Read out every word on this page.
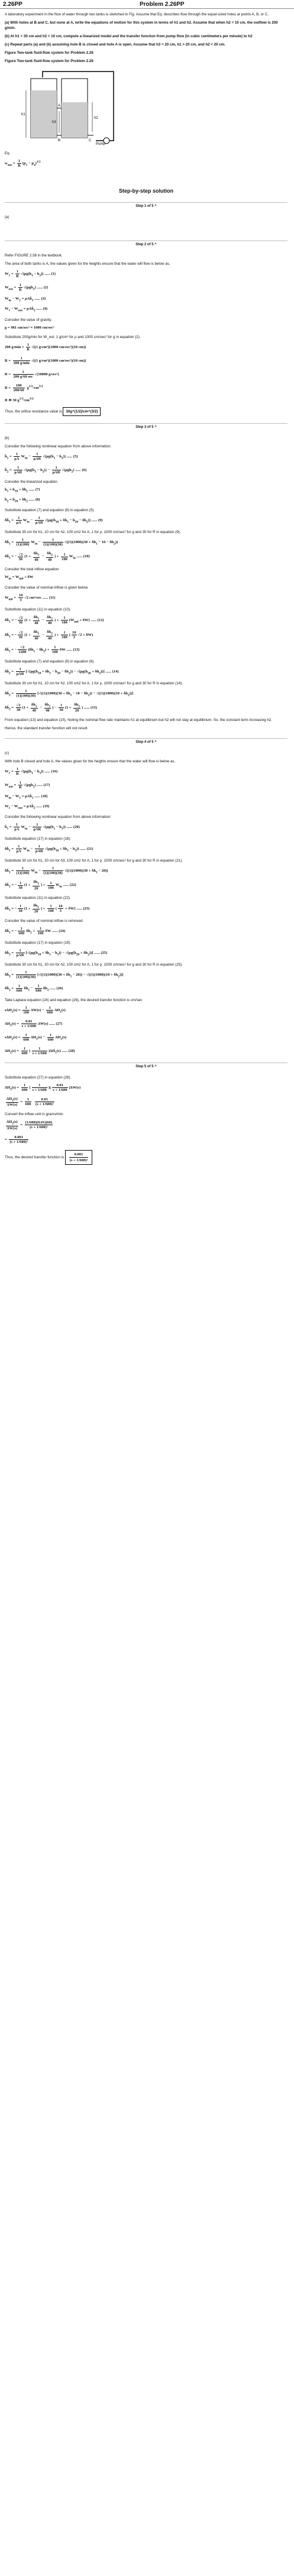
2.26PP	Problem 2.26PP

A laboratory experiment in the flow of water through two tanks is sketched in Fig. Assume that Eq. describes flow through the equal-sized holes at points A, B, or C.

(a) With holes at B and C, but none at A, write the equations of motion for this system in terms of h1 and h2. Assume that when h2 = 10 cm, the outflow is 200 g/min.

(b) At h1 = 30 cm and h2 = 10 cm, compute a linearized model and the transfer function from pump flow (in cubic centimeters per minute) to h2

(c) Repeat parts (a) and (b) assuming hole B is closed and hole A is open. Assume that h3 = 20 cm, h1 > 20 cm, and h2 < 20 cm.

Figure Two-tank fluid-flow system for Problem 2.26

Figure Two-tank fluid-flow system for Problem 2.26

Pump
h1
h2
h3
A
B	C

Eq.

$w_{out} = \frac{1}{R} (p_1 - p_a)^{1/2}$
Step-by-step solution
Step 1 of 5 ^

(a)

Step 2 of 5 ^

Refer FIGURE 2.58 in the textbook.

The area of both tanks is A, the values given for the heights ensure that the water will flow is below as,

$W_1 = \frac{1}{R} √(\rho g(h_1 - h_2))$ ...... (1)
$W_{out} = \frac{1}{R} √(\rho gh_2)$ ...... (2)
$W_{in} - W_1$ = ρAḣ$_1$ ...... (3)
$W_1 - W_{out}$ = ρAḣ$_2$ ...... (4)

Consider the value of gravity.

g = 981 cm/sec² ≈ 1000 cm/sec²

Substitute 200g/min for W_out, 1 g/cm³ for ρ and 1000 cm/sec² for g in equation (2).

200 $g/\min = \frac{1}{R} √((1$ g/cm³)(1000 cm/sec²)(10 cm))
$R = \frac{1}{200 g/\min} √((1$ g/cm³)(1000 cm/sec²)(10 cm))
$R = \frac{1}{200 g/60 \sec} √(10000$ g/sec²)
$R = \frac{100}{200/60} g^{1/2}/cm^{3/2}$
R ≅ 30 $g^{1/2}/cm^{3/2}$

Thus, the orifice resistance value is 30g^(1/2)/cm^(3/2)

Step 3 of 5 ^

(b)

Consider the following nonlinear equation from above information:

ḣ$_1$ = $\frac{1}{\rho A} W_{in} - \frac{1}{\text{ρAR}} √(\rho g(h_1 - h_2))$ ...... (5)
ḣ$_2$ = $\frac{1}{\text{ρAR}} √(\rho g(h_1 - h_2)) - \frac{1}{\text{ρAR}} √(\rho gh_2)$ ...... (6)

Consider the linearized equation.

$h_1 = h_{10} + \delta h_1$ ...... (7)
$h_2 = h_{20} + \delta h_2$ ...... (8)

Substitute equation (7) and equation (8) in equation (5).

δḣ$_1$ = $\frac{1}{\rho A} W_{in} - \frac{1}{\text{ρAR}} √(\rho g(h_{10} + \delta h_1 - h_{20} - \delta h_2))$ ...... (9)

Substitute 30 cm for h1, 10 cm for h2, 100 cm2 for A, 1 for ρ, 1000 cm/sec² for g and 30 for R in equation (9).

δḣ$_1$ = $\frac{1}{(1)(100)} W_{in} - \frac{1}{(1)(100)(30)} √((1)(1000)(30 + \delta h_1 - 10 - \delta h_2))$
δḣ$_1$ = − $\frac{√2}{30} (1 + \frac{\delta h_1}{40} - \frac{\delta h_2}{40}$ ) + $\frac{1}{100} W_{in}$ ...... (10)

Consider the total inflow equation

$W_{in} = W_{in0} + \delta W$

Consider the value of nominal inflow is given below.

$W_{in0} = \frac{10}{3} √2$ cm³/sec ...... (11)

Substitute equation (11) in equation (10).

δḣ$_1$ = − $\frac{√2}{30} (1 + \frac{\delta h_1}{40} - \frac{\delta h_2}{40}$ ) + $\frac{1}{100} (W_{in0} + \delta W)$ ...... (12)
δḣ$_1$ = − $\frac{√2}{30} (1 + \frac{\delta h_1}{40} - \frac{\delta h_2}{40}$ ) + $\frac{1}{100}$ ( $\frac{10}{3} √2 + \delta W$)
δḣ$_1$ = − $\frac{√2}{1200} (\delta h_1 - \delta h_2) + \frac{1}{100}$ δW ...... (13)

Substitute equation (7) and equation (8) in equation (6).

δḣ$_2$ = $\frac{1}{\text{ρAR}} [√(\rho g(h_{10} + \delta h_1 - h_{20} - \delta h_2)) - √(\rho g(h_{20} + \delta h_2))]$ ...... (14)

Substitute 30 cm for h1, 10 cm for h2, 100 cm2 for A, 1 for ρ, 1000 cm/sec² for g and 30 for R in equation (14).

δḣ$_2$ = $\frac{1}{(1)(100)(30)} [√((1)(1000)(30 + \delta h_1 - 10 - \delta h_2)) - √((1)(1000)(10 + \delta h_2))]$
δḣ$_2$ = $\frac{√2}{30} (1 + \frac{\delta h_1}{40} - \frac{\delta h_2}{40}$ ) − $\frac{1}{30} (1 + \frac{\delta h_2}{20}$ ) ...... (15)

From equation (13) and equation (15), Noting the nominal flow rate maintains h1 at equilibrium but h2 will not stay at equilibrium. So, the constant term increasing h2.

Hence, the standard transfer function will not result.

Step 4 of 5 ^

(c)

With hole B closed and hole A, the values given for the heights ensure that the water will flow is below as,

$W_1 = \frac{1}{R} √(\rho g(h_1 - h_3))$ ...... (16)
$W_{out} = \frac{1}{R} √(\rho gh_2)$ ...... (17)
$W_{in} - W_1$ = ρAḣ$_1$ ...... (18)
$W_1 - W_{out}$ = ρAḣ$_2$ ...... (19)

Consider the following nonlinear equation from above information:

ḣ$_1$ = $\frac{1}{\rho A} W_{in} - \frac{1}{\text{ρAR}} √(\rho g(h_1 - h_3))$ ...... (20)

Substitute equation (17) in equation (18).

δḣ$_1$ = $\frac{1}{\rho A} W_{in} - \frac{1}{\text{ρAR}} √(\rho g(h_{10} + \delta h_1 - h_3))$ ...... (21)

Substitute 30 cm for h1, 20 cm for h3, 100 cm2 for A, 1 for ρ, 1000 cm/sec² for g and 30 for R in equation (21).

δḣ$_1$ = $\frac{1}{(1)(100)} W_{in} - \frac{1}{(1)(100)(30)} √((1)(1000)(30 + \delta h_1 - 20))$
δḣ$_1$ = − $\frac{1}{30} (1 + \frac{\delta h_1}{20}$ ) + $\frac{1}{100} W_{in}$ ...... (22)

Substitute equation (11) in equation (22).

δḣ$_1$ = − $\frac{1}{30} (1 + \frac{\delta h_1}{20}$ ) + $\frac{1}{100}$ ( $\frac{10}{3} + \delta W$) ...... (23)

Consider the value of nominal inflow is removed.

δḣ$_1$ = − $\frac{1}{600} \delta h_1 + \frac{1}{100}$ δW ...... (24)

Substitute equation (17) in equation (19).

δḣ$_2$ = $\frac{1}{\text{ρAR}} [√(\rho g(h_{10} + \delta h_1 - h_3)) - √(\rho g(h_{20} + \delta h_2))]$ ...... (25)

Substitute 30 cm for h1, 20 cm for h2, 100 cm2 for A, 1 for ρ, 1000 cm/sec² for g and 30 for R in equation (25).

δḣ$_2$ = $\frac{1}{(1)(100)(30)} [√((1)(1000)(30 + \delta h_1 - 20)) - √((1)(1000)(10 + \delta h_2))]$
δḣ$_2$ = $\frac{1}{600} \delta h_1 - \frac{1}{600} \delta h_2$ ...... (26)

Take Laplace equation (24) and equation (26), the desired transfer function is cm/sec

$s\Delta H_1(s) = \frac{1}{100} \Delta W(s) - \frac{1}{600} \Delta H_1(s)$
$\Delta H_1(s) = \frac{0.01}{s + 1/600} \Delta W(s)$ ...... (27)
$s\Delta H_2(s) = \frac{1}{600} \Delta H_1(s) - \frac{1}{600} \Delta H_2(s)$
$\Delta H_2(s) = \frac{1}{600}$ ( $\frac{1}{s + 1/600} )\Delta H_1(s)$ ...... (28)
Step 5 of 5 ^

Substitute equation (27) in equation (28).

$\Delta H_2(s) = \frac{1}{600}$ ( $\frac{1}{s + 1/600}$ )( $\frac{0.01}{s + 1/600} )\Delta W(s)$
$\frac{\Delta H_2(s)}{\Delta W(s)} = \frac{1}{600}$
$\frac{0.01}{\text{(s + 1/600)²}}$

Convert the inflow unit in grams/min.

$\frac{\Delta H_2(s)}{\Delta W(s)} = \frac{(1/600)(0.01)(60)}{\text{(s + 1/600)²}}$
= $\frac{0.001}{\text{(s + 1/600)²}}$

Thus, the desired transfer function is $\frac{0.001}{\text{(s + 1/600)²}}$
